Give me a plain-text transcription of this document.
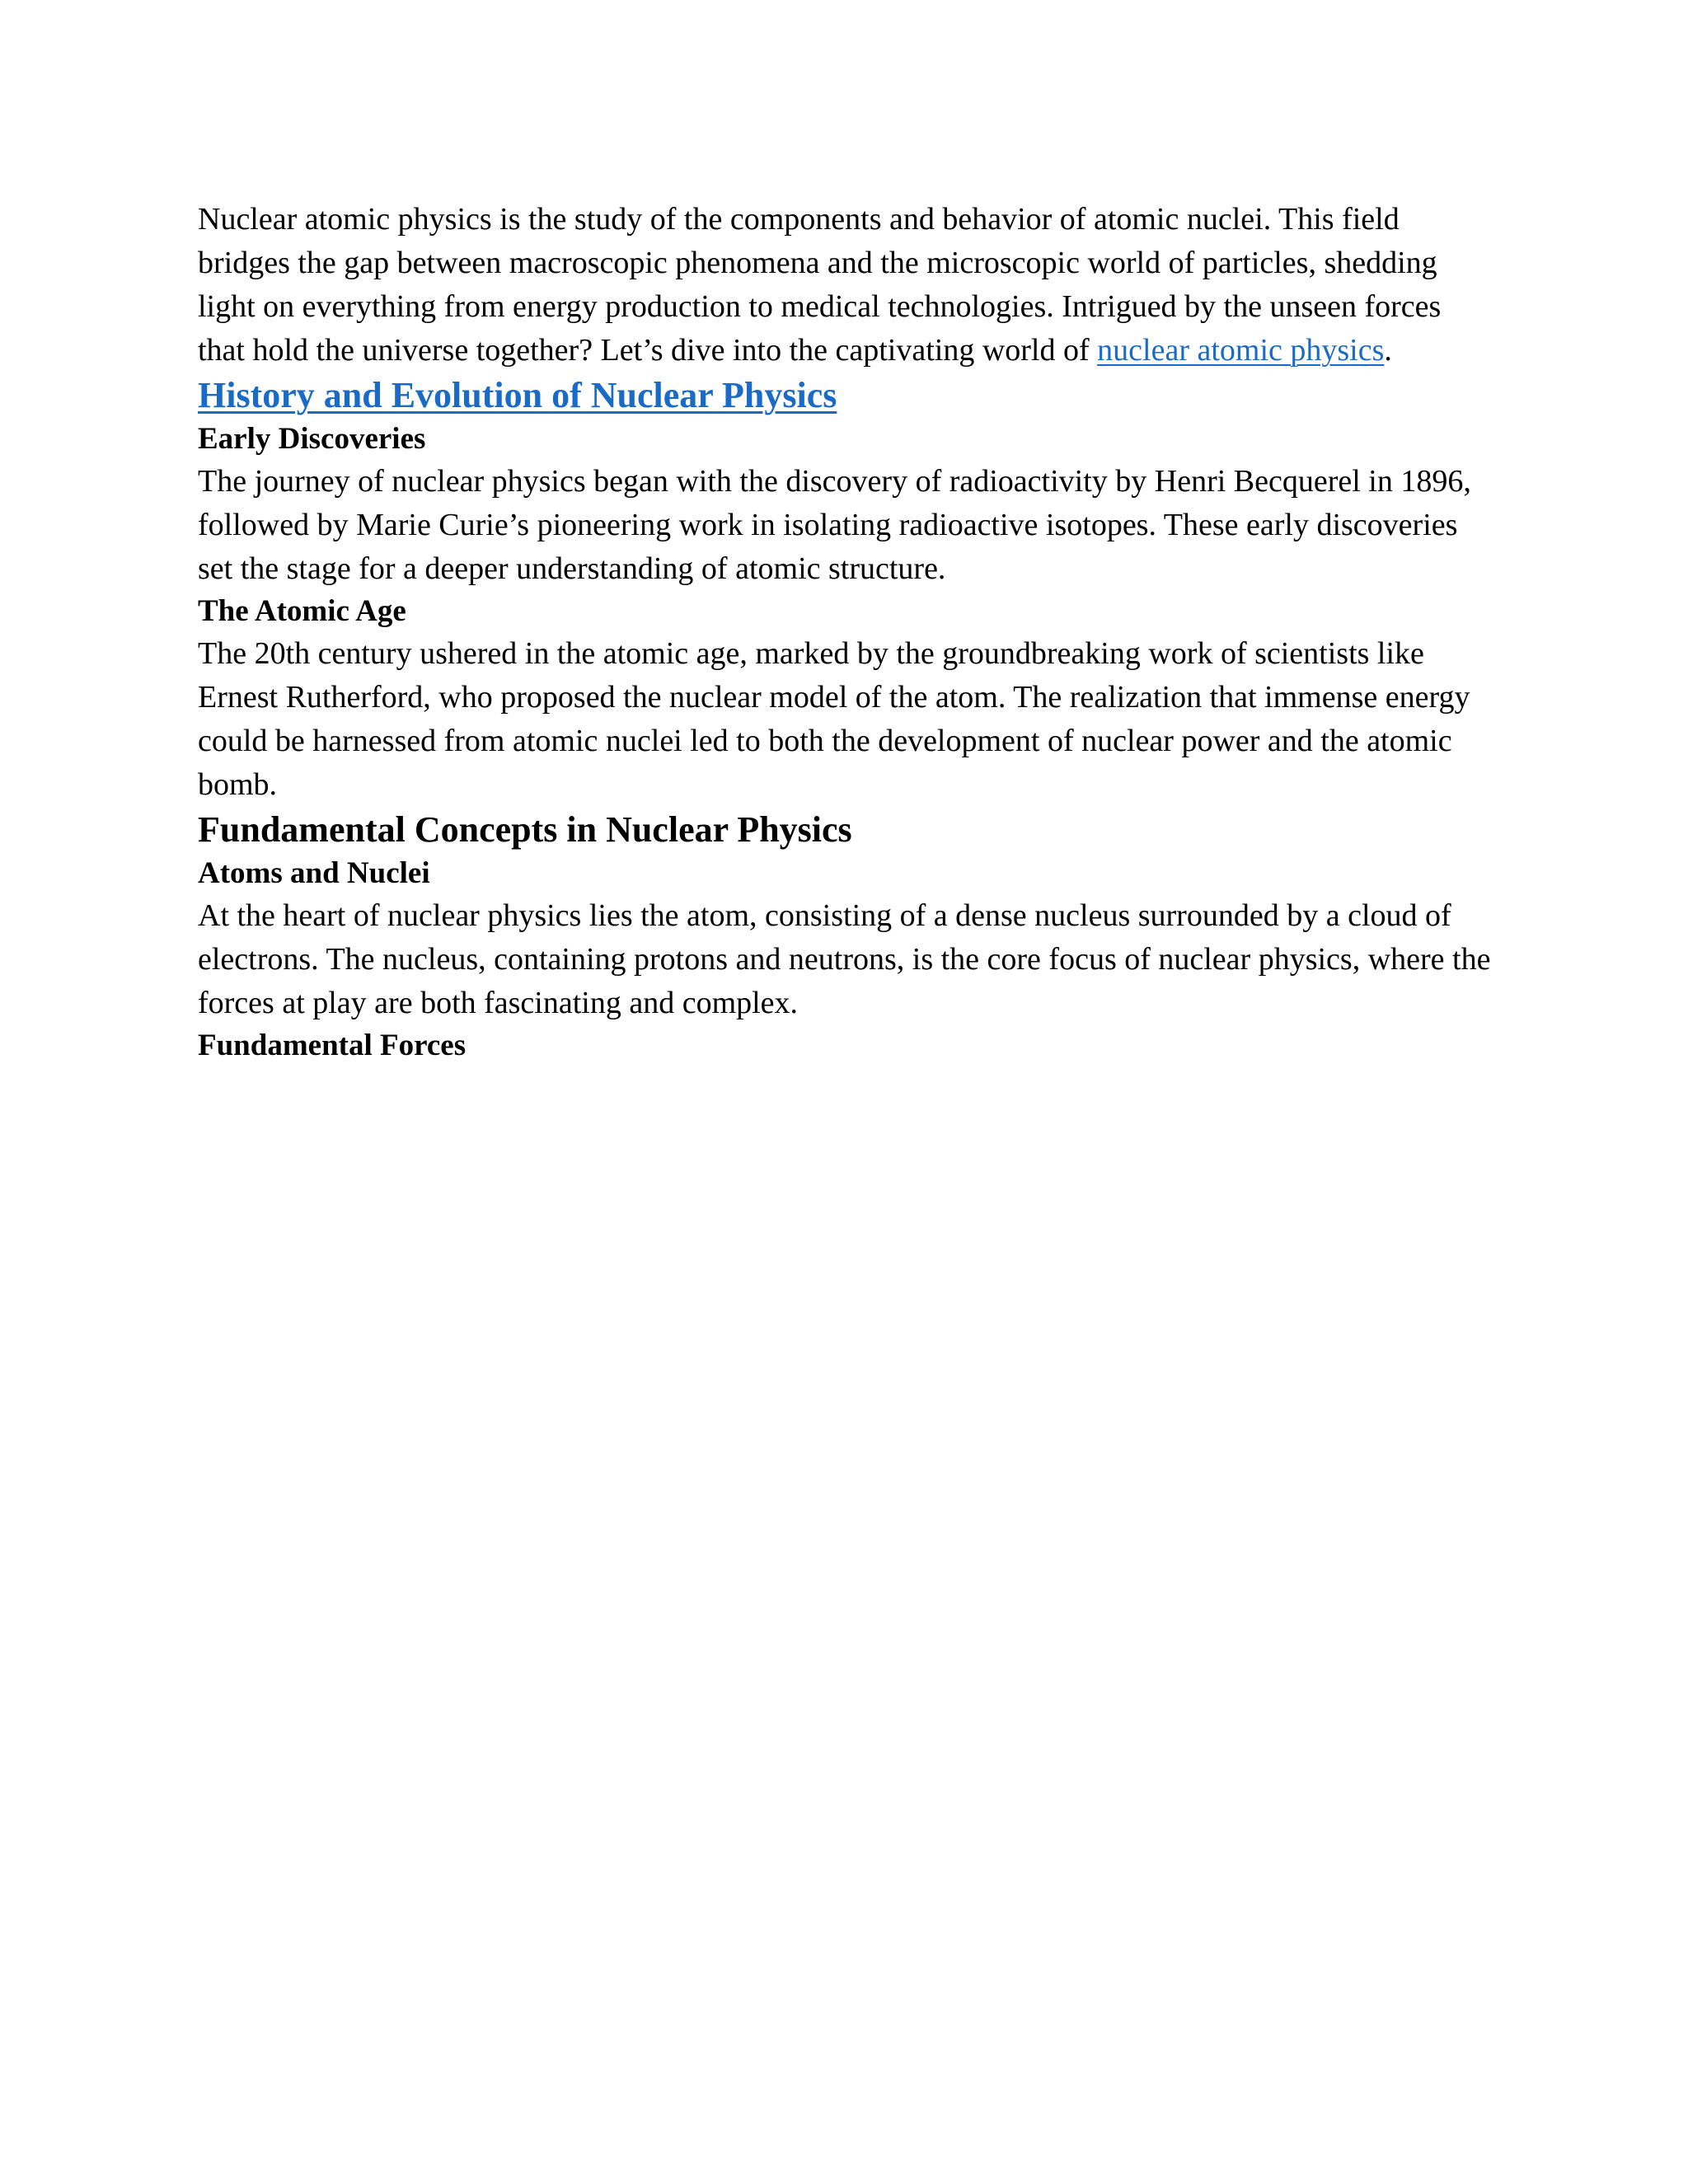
Nuclear atomic physics is the study of the components and behavior of atomic nuclei. This field bridges the gap between macroscopic phenomena and the microscopic world of particles, shedding light on everything from energy production to medical technologies. Intrigued by the unseen forces that hold the universe together? Let’s dive into the captivating world of nuclear atomic physics.

History and Evolution of Nuclear Physics
Early Discoveries

The journey of nuclear physics began with the discovery of radioactivity by Henri Becquerel in 1896, followed by Marie Curie’s pioneering work in isolating radioactive isotopes. These early discoveries set the stage for a deeper understanding of atomic structure.

The Atomic Age

The 20th century ushered in the atomic age, marked by the groundbreaking work of scientists like Ernest Rutherford, who proposed the nuclear model of the atom. The realization that immense energy could be harnessed from atomic nuclei led to both the development of nuclear power and the atomic bomb.

Fundamental Concepts in Nuclear Physics
Atoms and Nuclei

At the heart of nuclear physics lies the atom, consisting of a dense nucleus surrounded by a cloud of electrons. The nucleus, containing protons and neutrons, is the core focus of nuclear physics, where the forces at play are both fascinating and complex.

Fundamental Forces
